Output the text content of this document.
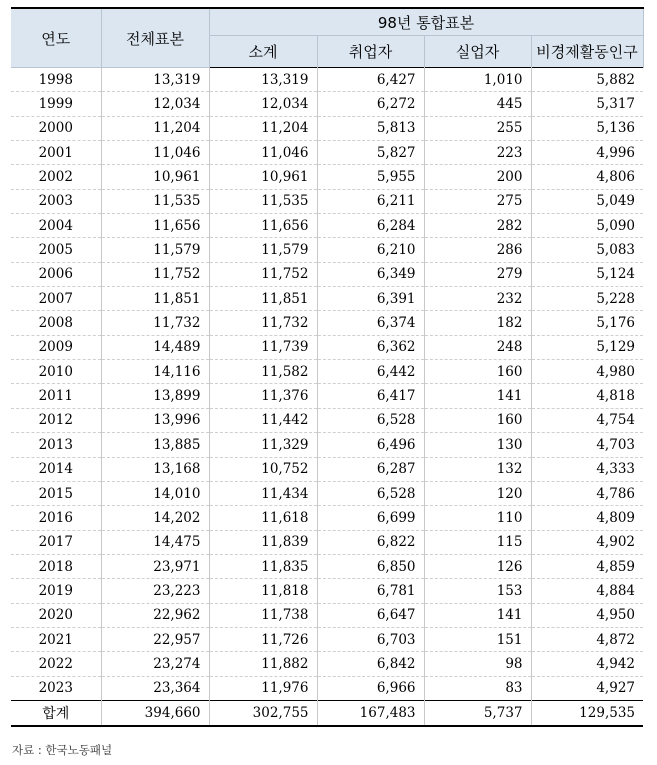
연도	전체표본	98년 통합표본			
		소계	취업자	실업자	비경제활동인구
1998	13,319	13,319	6,427	1,010	5,882
1999	12,034	12,034	6,272	445	5,317
2000	11,204	11,204	5,813	255	5,136
2001	11,046	11,046	5,827	223	4,996
2002	10,961	10,961	5,955	200	4,806
2003	11,535	11,535	6,211	275	5,049
2004	11,656	11,656	6,284	282	5,090
2005	11,579	11,579	6,210	286	5,083
2006	11,752	11,752	6,349	279	5,124
2007	11,851	11,851	6,391	232	5,228
2008	11,732	11,732	6,374	182	5,176
2009	14,489	11,739	6,362	248	5,129
2010	14,116	11,582	6,442	160	4,980
2011	13,899	11,376	6,417	141	4,818
2012	13,996	11,442	6,528	160	4,754
2013	13,885	11,329	6,496	130	4,703
2014	13,168	10,752	6,287	132	4,333
2015	14,010	11,434	6,528	120	4,786
2016	14,202	11,618	6,699	110	4,809
2017	14,475	11,839	6,822	115	4,902
2018	23,971	11,835	6,850	126	4,859
2019	23,223	11,818	6,781	153	4,884
2020	22,962	11,738	6,647	141	4,950
2021	22,957	11,726	6,703	151	4,872
2022	23,274	11,882	6,842	98	4,942
2023	23,364	11,976	6,966	83	4,927
합계	394,660	302,755	167,483	5,737	129,535
자료 : 한국노동패널
